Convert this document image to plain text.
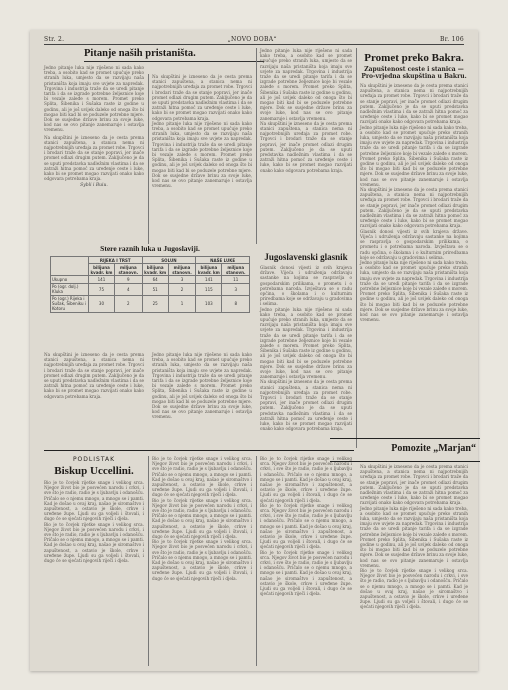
Str. 2.	„NOVO DOBA“	Br. 106
Pitanje naših pristaništa.

Jedno pitanje luka nije riješeno ni sada kako treba, a osobito kad se promet upućuje preko stranih luka, umjesto da se razvijaju naša pristaništa koja imaju sve uvjete za napredak. Trgovina i industrija traže da se uredi pitanje tarifa i da se izgrade potrebne željeznice koje bi vezale zaleđe s morem. Promet preko Splita, Šibenika i Sušaka raste iz godine u godinu, ali je još uvijek daleko od onoga što bi mogao biti kad bi se poduzele potrebne mjere. Dok se susjedne države brinu za svoje luke, kod nas se ovo pitanje zanemaruje i ostavlja vremenu.

Na skupštini je izneseno da je cesta prema stanici zapuštena, a stanica nema ni najpotrebnijih uređaja za promet robe. Trgovci i brodari traže da se stanje popravi, jer inače promet odlazi drugim putem. Zaključeno je da se uputi predstavka nadležnim vlastima i da se zatraži hitna pomoć za uređenje ceste i luke, kako bi se promet mogao razvijati onako kako odgovara potrebama kraja.

Sybli i Buiu.

Na skupštini je izneseno da je cesta prema stanici zapuštena, a stanica nema ni najpotrebnijih uređaja za promet robe. Trgovci i brodari traže da se stanje popravi, jer inače promet odlazi drugim putem. Zaključeno je da se uputi predstavka nadležnim vlastima i da se zatraži hitna pomoć za uređenje ceste i luke, kako bi se promet mogao razvijati onako kako odgovara potrebama kraja.

Jedno pitanje luka nije riješeno ni sada kako treba, a osobito kad se promet upućuje preko stranih luka, umjesto da se razvijaju naša pristaništa koja imaju sve uvjete za napredak. Trgovina i industrija traže da se uredi pitanje tarifa i da se izgrade potrebne željeznice koje bi vezale zaleđe s morem. Promet preko Splita, Šibenika i Sušaka raste iz godine u godinu, ali je još uvijek daleko od onoga što bi mogao biti kad bi se poduzele potrebne mjere. Dok se susjedne države brinu za svoje luke, kod nas se ovo pitanje zanemaruje i ostavlja vremenu.

Jedno pitanje luka nije riješeno ni sada kako treba, a osobito kad se promet upućuje preko stranih luka, umjesto da se razvijaju naša pristaništa koja imaju sve uvjete za napredak. Trgovina i industrija traže da se uredi pitanje tarifa i da se izgrade potrebne željeznice koje bi vezale zaleđe s morem. Promet preko Splita, Šibenika i Sušaka raste iz godine u godinu, ali je još uvijek daleko od onoga što bi mogao biti kad bi se poduzele potrebne mjere. Dok se susjedne države brinu za svoje luke, kod nas se ovo pitanje zanemaruje i ostavlja vremenu.

Na skupštini je izneseno da je cesta prema stanici zapuštena, a stanica nema ni najpotrebnijih uređaja za promet robe. Trgovci i brodari traže da se stanje popravi, jer inače promet odlazi drugim putem. Zaključeno je da se uputi predstavka nadležnim vlastima i da se zatraži hitna pomoć za uređenje ceste i luke, kako bi se promet mogao razvijati onako kako odgovara potrebama kraja.

Promet preko Bakra.
Zapuštenost ceste i stanica — Pro-vrjedna skupština u Bakru.

Na skupštini je izneseno da je cesta prema stanici zapuštena, a stanica nema ni najpotrebnijih uređaja za promet robe. Trgovci i brodari traže da se stanje popravi, jer inače promet odlazi drugim putem. Zaključeno je da se uputi predstavka nadležnim vlastima i da se zatraži hitna pomoć za uređenje ceste i luke, kako bi se promet mogao razvijati onako kako odgovara potrebama kraja.

Jedno pitanje luka nije riješeno ni sada kako treba, a osobito kad se promet upućuje preko stranih luka, umjesto da se razvijaju naša pristaništa koja imaju sve uvjete za napredak. Trgovina i industrija traže da se uredi pitanje tarifa i da se izgrade potrebne željeznice koje bi vezale zaleđe s morem. Promet preko Splita, Šibenika i Sušaka raste iz godine u godinu, ali je još uvijek daleko od onoga što bi mogao biti kad bi se poduzele potrebne mjere. Dok se susjedne države brinu za svoje luke, kod nas se ovo pitanje zanemaruje i ostavlja vremenu.

Na skupštini je izneseno da je cesta prema stanici zapuštena, a stanica nema ni najpotrebnijih uređaja za promet robe. Trgovci i brodari traže da se stanje popravi, jer inače promet odlazi drugim putem. Zaključeno je da se uputi predstavka nadležnim vlastima i da se zatraži hitna pomoć za uređenje ceste i luke, kako bi se promet mogao razvijati onako kako odgovara potrebama kraja.

Glasnik donosi vijesti iz svih krajeva države. Vijeća i udruženja održavaju sastanke na kojima se raspravlja o gospodarskim prilikama, o prometu i o potrebama naroda. Izvještava se o radu općina, o školama i o kulturnim priredbama koje se održavaju u gradovima i selima.

Jedno pitanje luka nije riješeno ni sada kako treba, a osobito kad se promet upućuje preko stranih luka, umjesto da se razvijaju naša pristaništa koja imaju sve uvjete za napredak. Trgovina i industrija traže da se uredi pitanje tarifa i da se izgrade potrebne željeznice koje bi vezale zaleđe s morem. Promet preko Splita, Šibenika i Sušaka raste iz godine u godinu, ali je još uvijek daleko od onoga što bi mogao biti kad bi se poduzele potrebne mjere. Dok se susjedne države brinu za svoje luke, kod nas se ovo pitanje zanemaruje i ostavlja vremenu.

Stere raznih luka u Jugoslaviji.
	RIJEKA I TRST		SOLUN		NAŠE LUKE	
	bilijuna kvadr. km	miljuna stanovn.	bilijuna kvadr. km	miljuna stanovn.	bilijuna kvadr. km	miljuna stanovn.
Ukupno	141	9	64	3	141	11
Po (ogr. dolj.) Kluka	75	4	51	2	115	3
Po (ogr.) Rijeka i Sušak, Šibeniku i Kotoru	30	2	25	1	103	8
Jugoslavenski glasnik

Glasnik donosi vijesti iz svih krajeva države. Vijeća i udruženja održavaju sastanke na kojima se raspravlja o gospodarskim prilikama, o prometu i o potrebama naroda. Izvještava se o radu općina, o školama i o kulturnim priredbama koje se održavaju u gradovima i selima.

Jedno pitanje luka nije riješeno ni sada kako treba, a osobito kad se promet upućuje preko stranih luka, umjesto da se razvijaju naša pristaništa koja imaju sve uvjete za napredak. Trgovina i industrija traže da se uredi pitanje tarifa i da se izgrade potrebne željeznice koje bi vezale zaleđe s morem. Promet preko Splita, Šibenika i Sušaka raste iz godine u godinu, ali je još uvijek daleko od onoga što bi mogao biti kad bi se poduzele potrebne mjere. Dok se susjedne države brinu za svoje luke, kod nas se ovo pitanje zanemaruje i ostavlja vremenu.

Na skupštini je izneseno da je cesta prema stanici zapuštena, a stanica nema ni najpotrebnijih uređaja za promet robe. Trgovci i brodari traže da se stanje popravi, jer inače promet odlazi drugim putem. Zaključeno je da se uputi predstavka nadležnim vlastima i da se zatraži hitna pomoć za uređenje ceste i luke, kako bi se promet mogao razvijati onako kako odgovara potrebama kraja.

Na skupštini je izneseno da je cesta prema stanici zapuštena, a stanica nema ni najpotrebnijih uređaja za promet robe. Trgovci i brodari traže da se stanje popravi, jer inače promet odlazi drugim putem. Zaključeno je da se uputi predstavka nadležnim vlastima i da se zatraži hitna pomoć za uređenje ceste i luke, kako bi se promet mogao razvijati onako kako odgovara potrebama kraja.

Jedno pitanje luka nije riješeno ni sada kako treba, a osobito kad se promet upućuje preko stranih luka, umjesto da se razvijaju naša pristaništa koja imaju sve uvjete za napredak. Trgovina i industrija traže da se uredi pitanje tarifa i da se izgrade potrebne željeznice koje bi vezale zaleđe s morem. Promet preko Splita, Šibenika i Sušaka raste iz godine u godinu, ali je još uvijek daleko od onoga što bi mogao biti kad bi se poduzele potrebne mjere. Dok se susjedne države brinu za svoje luke, kod nas se ovo pitanje zanemaruje i ostavlja vremenu.

PODLISTAK
Biskup Uccellini.

Bio je to čovjek rijetke snage i velikog srca. Njegov život bio je posvećen narodu i crkvi, i sve što je radio, radio je s ljubavlju i odanošću. Pričalo se o njemu mnogo, a mnogo se i pamti. Kad je došao u ovaj kraj, našao je siromaštvo i zapuštenost, a ostavio je škole, crkve i uređene župe. Ljudi su ga voljeli i štovali, i dugo će se sjećati njegovih riječi i djela.

Bio je to čovjek rijetke snage i velikog srca. Njegov život bio je posvećen narodu i crkvi, i sve što je radio, radio je s ljubavlju i odanošću. Pričalo se o njemu mnogo, a mnogo se i pamti. Kad je došao u ovaj kraj, našao je siromaštvo i zapuštenost, a ostavio je škole, crkve i uređene župe. Ljudi su ga voljeli i štovali, i dugo će se sjećati njegovih riječi i djela.

Bio je to čovjek rijetke snage i velikog srca. Njegov život bio je posvećen narodu i crkvi, i sve što je radio, radio je s ljubavlju i odanošću. Pričalo se o njemu mnogo, a mnogo se i pamti. Kad je došao u ovaj kraj, našao je siromaštvo i zapuštenost, a ostavio je škole, crkve i uređene župe. Ljudi su ga voljeli i štovali, i dugo će se sjećati njegovih riječi i djela.

Bio je to čovjek rijetke snage i velikog srca. Njegov život bio je posvećen narodu i crkvi, i sve što je radio, radio je s ljubavlju i odanošću. Pričalo se o njemu mnogo, a mnogo se i pamti. Kad je došao u ovaj kraj, našao je siromaštvo i zapuštenost, a ostavio je škole, crkve i uređene župe. Ljudi su ga voljeli i štovali, i dugo će se sjećati njegovih riječi i djela.

Bio je to čovjek rijetke snage i velikog srca. Njegov život bio je posvećen narodu i crkvi, i sve što je radio, radio je s ljubavlju i odanošću. Pričalo se o njemu mnogo, a mnogo se i pamti. Kad je došao u ovaj kraj, našao je siromaštvo i zapuštenost, a ostavio je škole, crkve i uređene župe. Ljudi su ga voljeli i štovali, i dugo će se sjećati njegovih riječi i djela.

Bio je to čovjek rijetke snage i velikog srca. Njegov život bio je posvećen narodu i crkvi, i sve što je radio, radio je s ljubavlju i odanošću. Pričalo se o njemu mnogo, a mnogo se i pamti. Kad je došao u ovaj kraj, našao je siromaštvo i zapuštenost, a ostavio je škole, crkve i uređene župe. Ljudi su ga voljeli i štovali, i dugo će se sjećati njegovih riječi i djela.

Bio je to čovjek rijetke snage i velikog srca. Njegov život bio je posvećen narodu i crkvi, i sve što je radio, radio je s ljubavlju i odanošću. Pričalo se o njemu mnogo, a mnogo se i pamti. Kad je došao u ovaj kraj, našao je siromaštvo i zapuštenost, a ostavio je škole, crkve i uređene župe. Ljudi su ga voljeli i štovali, i dugo će se sjećati njegovih riječi i djela.

Bio je to čovjek rijetke snage i velikog srca. Njegov život bio je posvećen narodu i crkvi, i sve što je radio, radio je s ljubavlju i odanošću. Pričalo se o njemu mnogo, a mnogo se i pamti. Kad je došao u ovaj kraj, našao je siromaštvo i zapuštenost, a ostavio je škole, crkve i uređene župe. Ljudi su ga voljeli i štovali, i dugo će se sjećati njegovih riječi i djela.

Pomozite „Marjan“

Na skupštini je izneseno da je cesta prema stanici zapuštena, a stanica nema ni najpotrebnijih uređaja za promet robe. Trgovci i brodari traže da se stanje popravi, jer inače promet odlazi drugim putem. Zaključeno je da se uputi predstavka nadležnim vlastima i da se zatraži hitna pomoć za uređenje ceste i luke, kako bi se promet mogao razvijati onako kako odgovara potrebama kraja.

Jedno pitanje luka nije riješeno ni sada kako treba, a osobito kad se promet upućuje preko stranih luka, umjesto da se razvijaju naša pristaništa koja imaju sve uvjete za napredak. Trgovina i industrija traže da se uredi pitanje tarifa i da se izgrade potrebne željeznice koje bi vezale zaleđe s morem. Promet preko Splita, Šibenika i Sušaka raste iz godine u godinu, ali je još uvijek daleko od onoga što bi mogao biti kad bi se poduzele potrebne mjere. Dok se susjedne države brinu za svoje luke, kod nas se ovo pitanje zanemaruje i ostavlja vremenu.

Bio je to čovjek rijetke snage i velikog srca. Njegov život bio je posvećen narodu i crkvi, i sve što je radio, radio je s ljubavlju i odanošću. Pričalo se o njemu mnogo, a mnogo se i pamti. Kad je došao u ovaj kraj, našao je siromaštvo i zapuštenost, a ostavio je škole, crkve i uređene župe. Ljudi su ga voljeli i štovali, i dugo će se sjećati njegovih riječi i djela.
